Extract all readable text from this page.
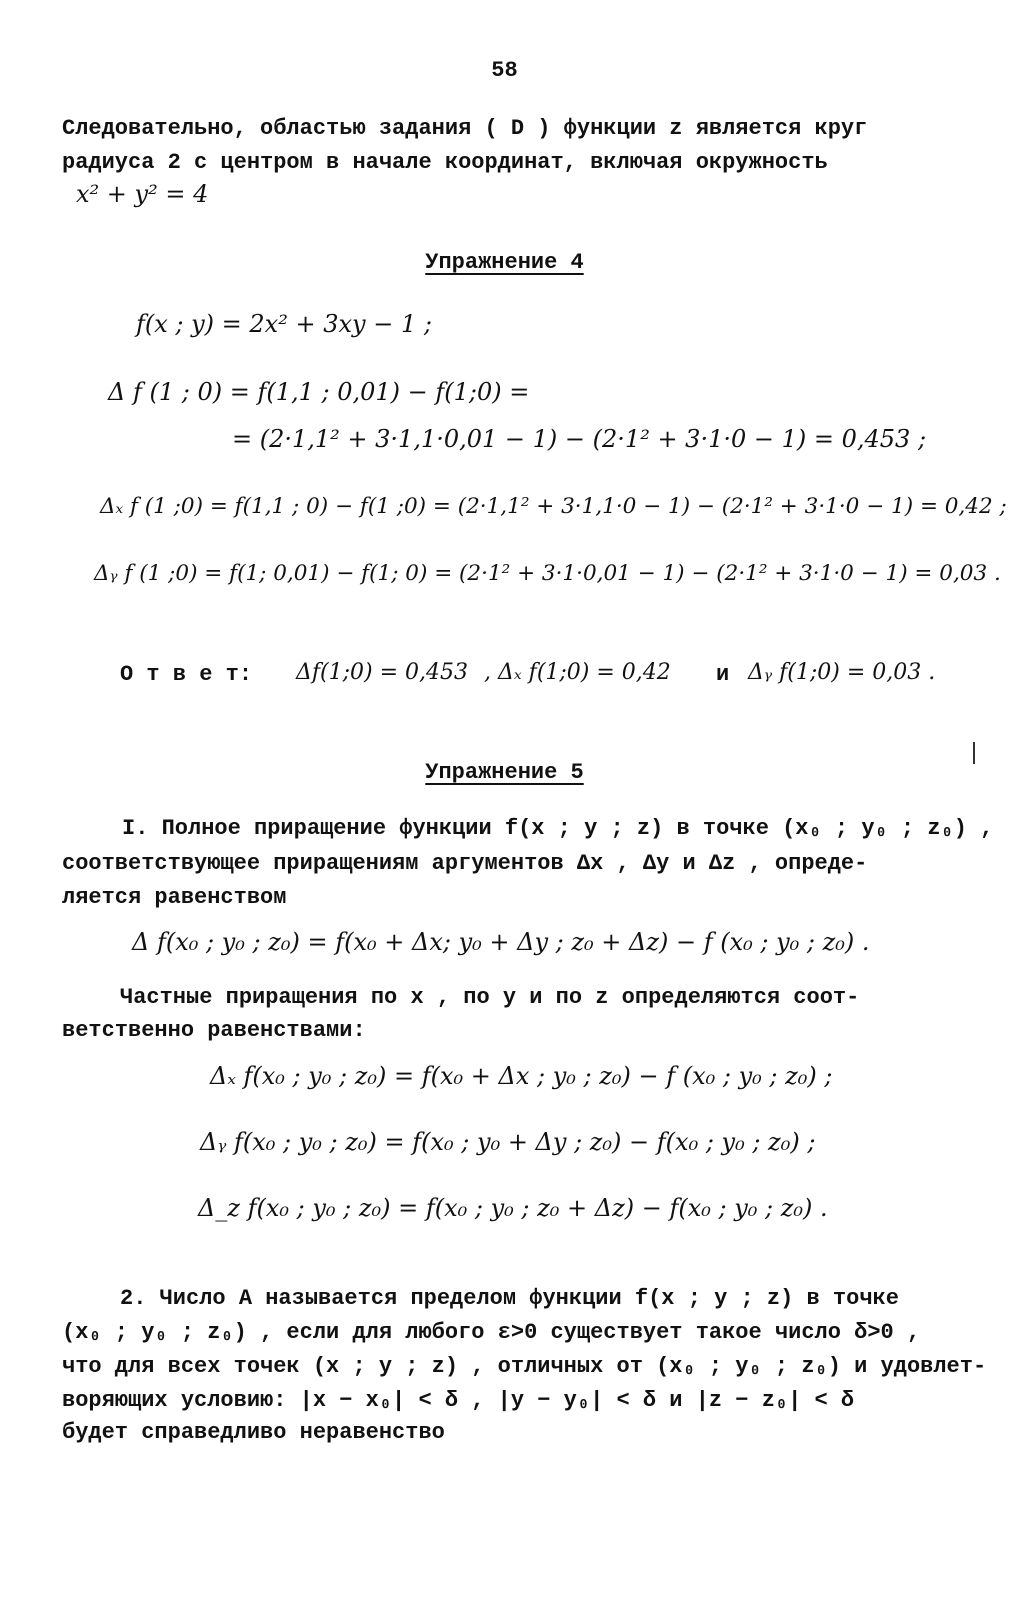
58
Следовательно, областью задания ( D ) функции z является круг
радиуса 2 с центром в начале координат, включая окружность
x² + y² = 4
Упражнение 4
f(x ; y) = 2x² + 3xy − 1 ;
Δ f (1 ; 0) = f(1,1 ; 0,01) − f(1;0) =
= (2·1,1² + 3·1,1·0,01 − 1) − (2·1² + 3·1·0 − 1) = 0,453 ;
Δₓ f (1 ;0) = f(1,1 ; 0) − f(1 ;0) = (2·1,1² + 3·1,1·0 − 1) − (2·1² + 3·1·0 − 1) = 0,42 ;
Δᵧ f (1 ;0) = f(1; 0,01) − f(1; 0) = (2·1² + 3·1·0,01 − 1) − (2·1² + 3·1·0 − 1) = 0,03 .
О т в е т: Δf(1;0) = 0,453 , Δₓ f(1;0) = 0,42 и Δᵧ f(1;0) = 0,03 .
Упражнение 5
I. Полное приращение функции f(x ; y ; z) в точке (x₀ ; y₀ ; z₀) ,
соответствующее приращениям аргументов Δx , Δy и Δz , опреде-
ляется равенством
Δ f(x₀ ; y₀ ; z₀) = f(x₀ + Δx; y₀ + Δy ; z₀ + Δz) − f (x₀ ; y₀ ; z₀) .
Частные приращения по x , по y и по z определяются соот-
ветственно равенствами:
Δₓ f(x₀ ; y₀ ; z₀) = f(x₀ + Δx ; y₀ ; z₀) − f (x₀ ; y₀ ; z₀) ;
Δᵧ f(x₀ ; y₀ ; z₀) = f(x₀ ; y₀ + Δy ; z₀) − f(x₀ ; y₀ ; z₀) ;
Δ_z f(x₀ ; y₀ ; z₀) = f(x₀ ; y₀ ; z₀ + Δz) − f(x₀ ; y₀ ; z₀) .
2. Число A называется пределом функции f(x ; y ; z) в точке
(x₀ ; y₀ ; z₀) , если для любого ε>0 существует такое число δ>0 ,
что для всех точек (x ; y ; z) , отличных от (x₀ ; y₀ ; z₀) и удовлет-
воряющих условию: |x − x₀| < δ , |y − y₀| < δ и |z − z₀| < δ
будет справедливо неравенство
